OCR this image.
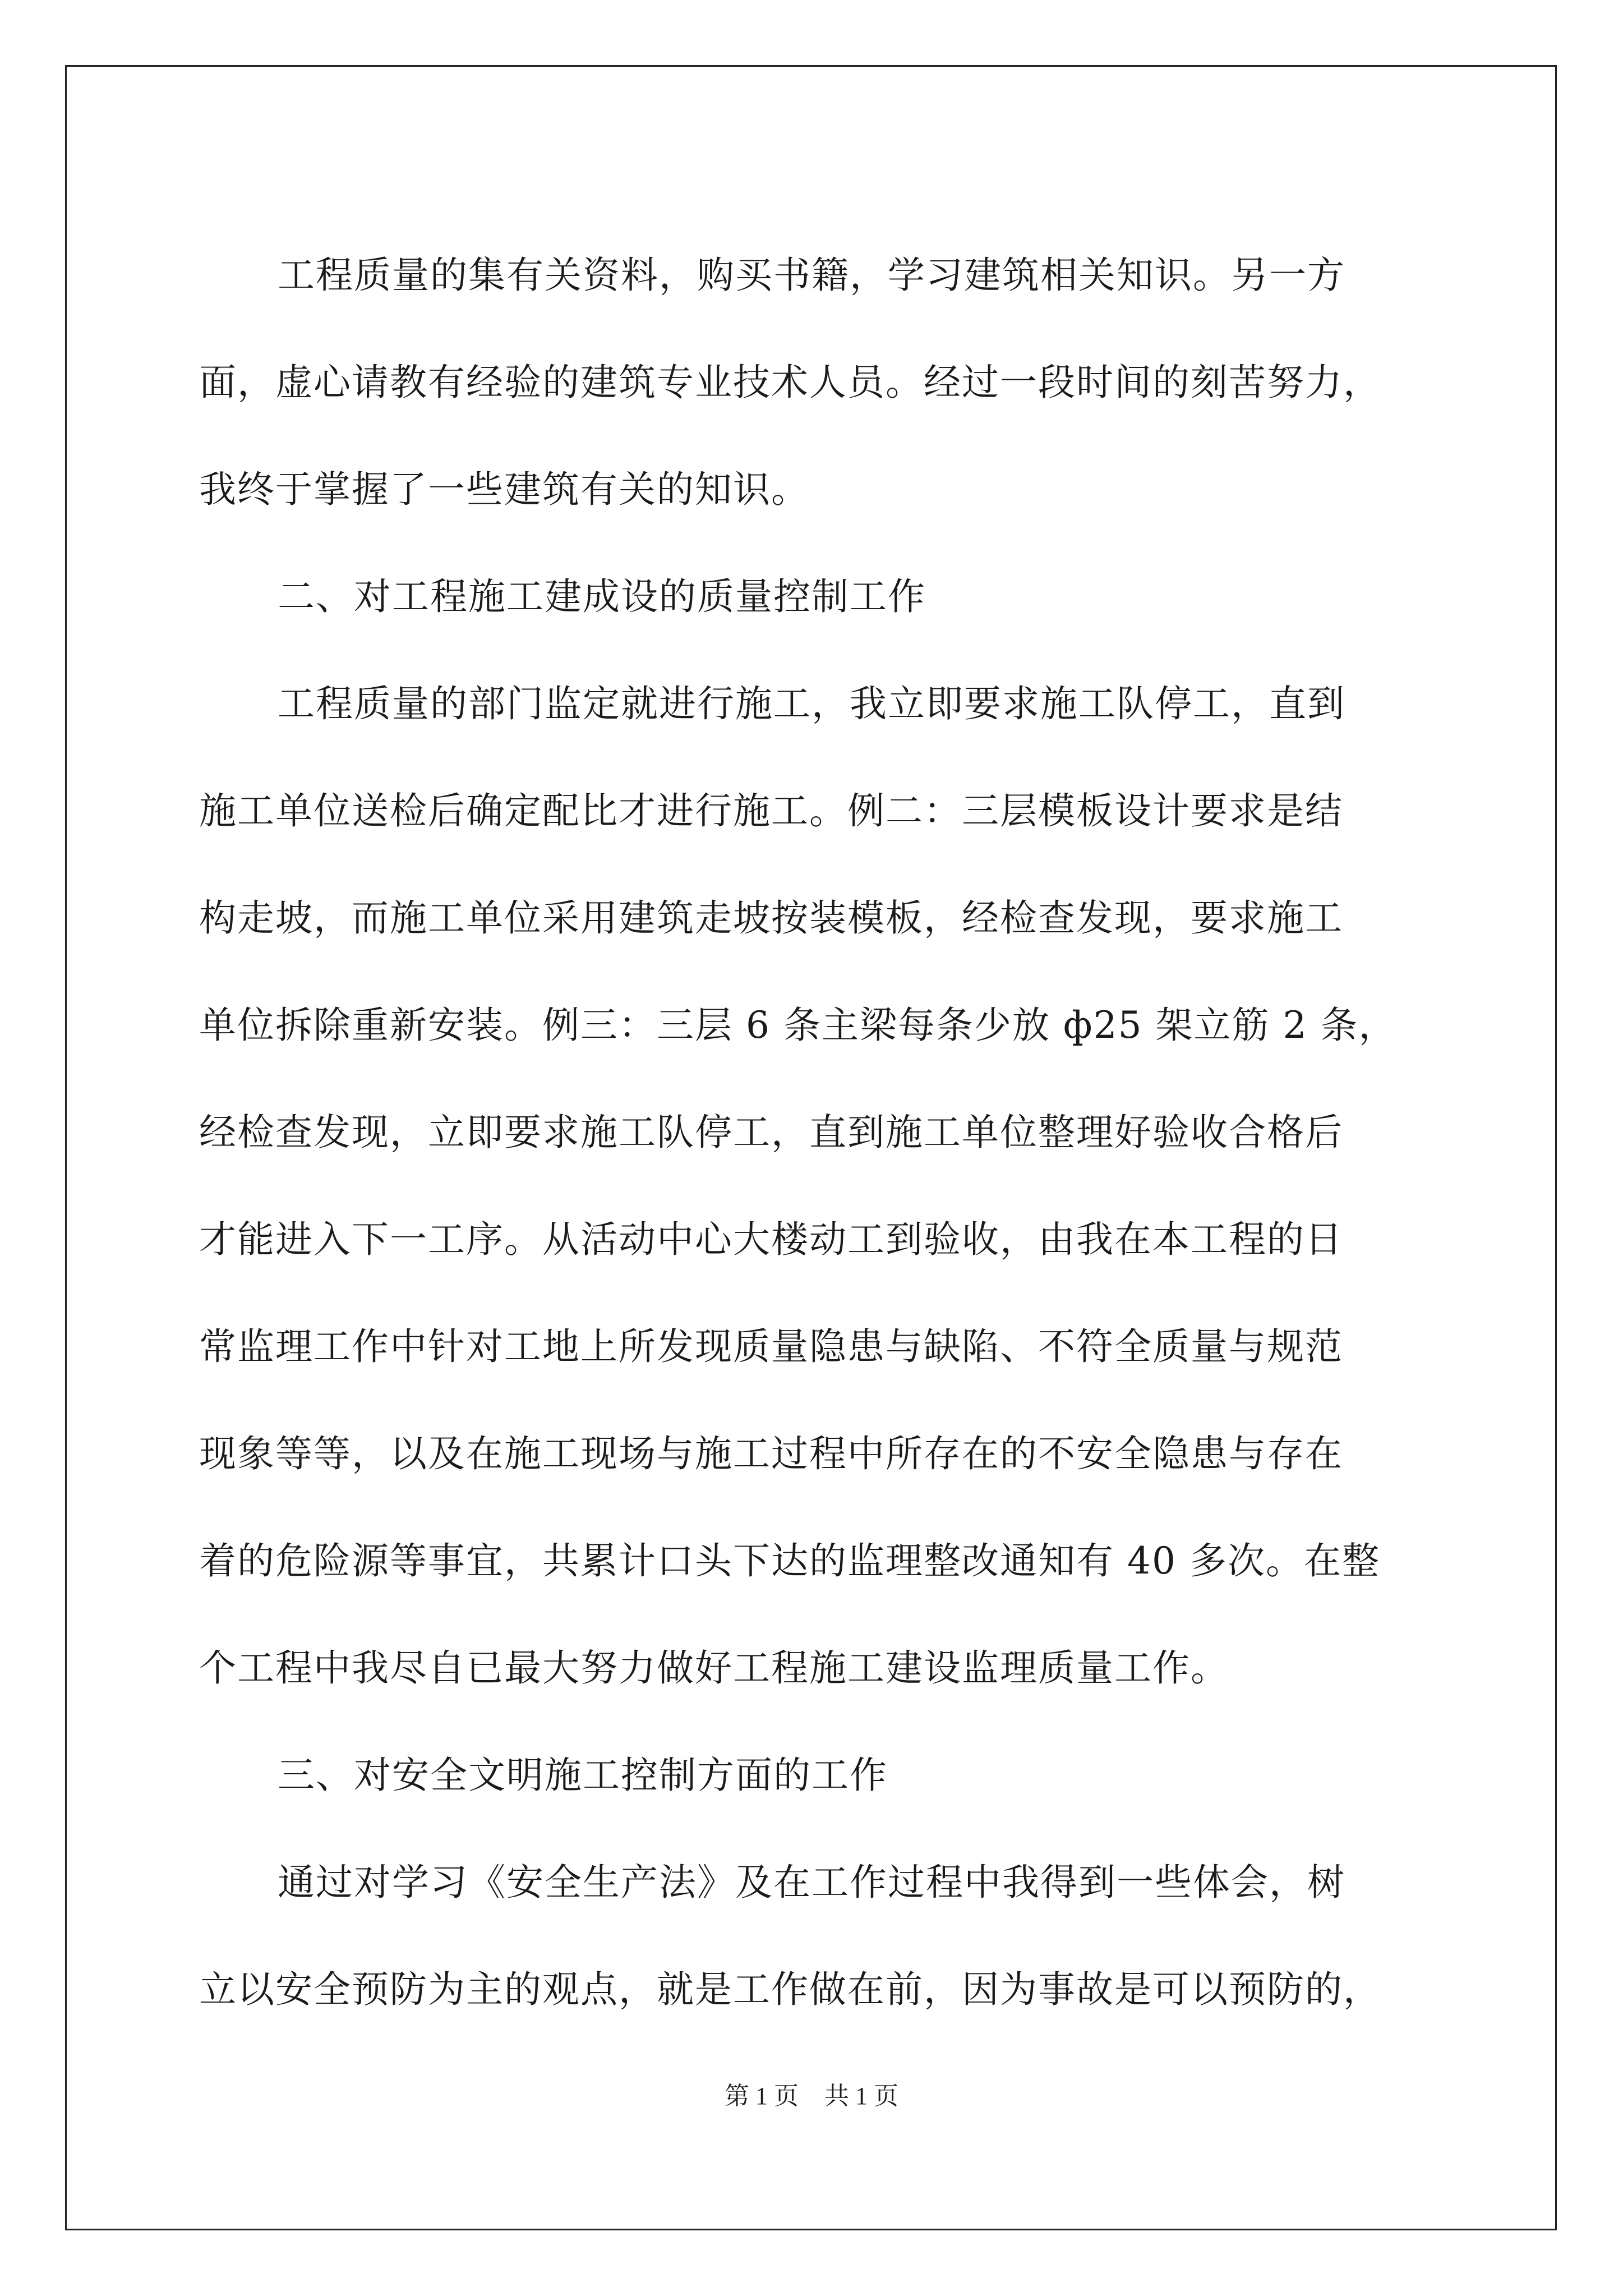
工程质量的集有关资料，购买书籍，学习建筑相关知识。另一方
面，虚心请教有经验的建筑专业技术人员。经过一段时间的刻苦努力，
我终于掌握了一些建筑有关的知识。
二、对工程施工建成设的质量控制工作
工程质量的部门监定就进行施工，我立即要求施工队停工，直到
施工单位送检后确定配比才进行施工。例二：三层模板设计要求是结
构走坡，而施工单位采用建筑走坡按装模板，经检查发现，要求施工
单位拆除重新安装。例三：三层 6 条主梁每条少放 ф25 架立筋 2 条，
经检查发现，立即要求施工队停工，直到施工单位整理好验收合格后
才能进入下一工序。从活动中心大楼动工到验收，由我在本工程的日
常监理工作中针对工地上所发现质量隐患与缺陷、不符全质量与规范
现象等等，以及在施工现场与施工过程中所存在的不安全隐患与存在
着的危险源等事宜，共累计口头下达的监理整改通知有 40 多次。在整
个工程中我尽自已最大努力做好工程施工建设监理质量工作。
三、对安全文明施工控制方面的工作
通过对学习《安全生产法》及在工作过程中我得到一些体会，树
立以安全预防为主的观点，就是工作做在前，因为事故是可以预防的，
第 1 页 共 1 页
